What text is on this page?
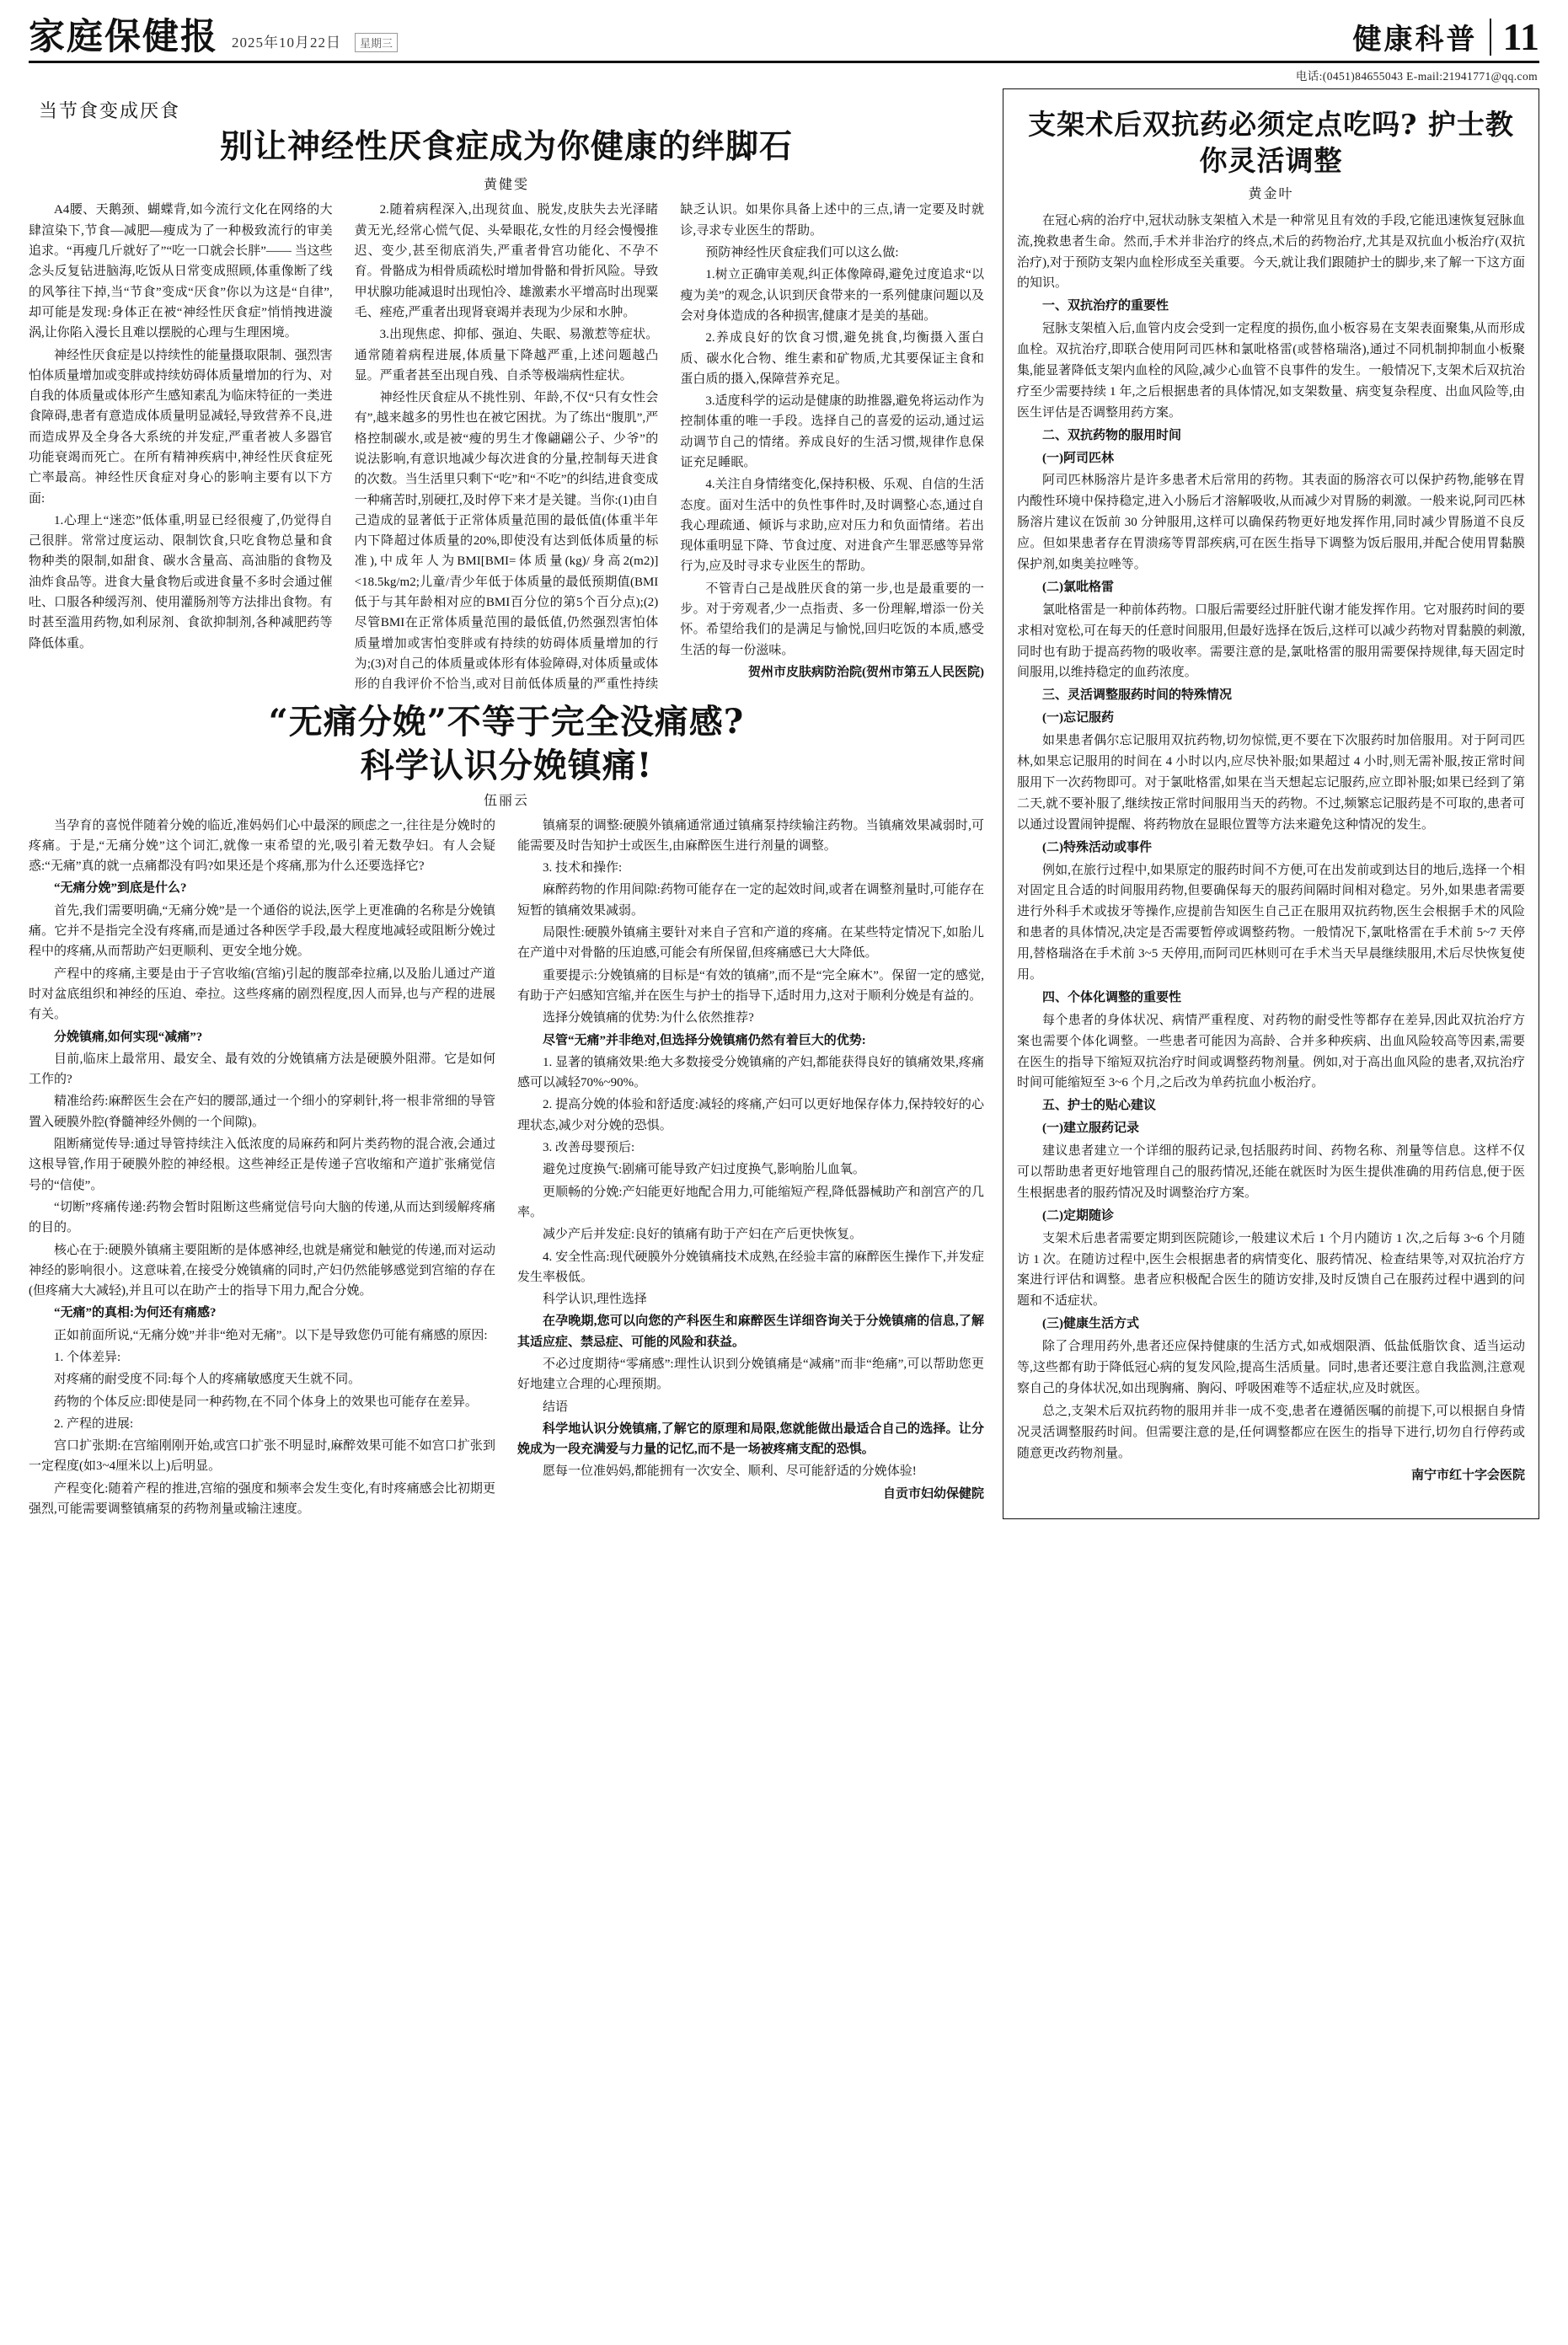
家庭保健报 2025年10月22日	星期三	健康科普 11
电话:(0451)84655043 E-mail:21941771@qq.com
当节食变成厌食
别让神经性厌食症成为你健康的绊脚石
黄健雯

A4腰、天鹅颈、蝴蝶背,如今流行文化在网络的大肆渲染下,节食—减肥—瘦成为了一种极致流行的审美追求。“再瘦几斤就好了”“吃一口就会长胖”—— 当这些念头反复钻进脑海,吃饭从日常变成照顾,体重像断了线的风筝往下掉,当“节食”变成“厌食”你以为这是“自律”,却可能是发现:身体正在被“神经性厌食症”悄悄拽进漩涡,让你陷入漫长且难以摆脱的心理与生理困境。

神经性厌食症是以持续性的能量摄取限制、强烈害怕体质量增加或变胖或持续妨碍体质量增加的行为、对自我的体质量或体形产生感知素乱为临床特征的一类进食障碍,患者有意造成体质量明显减轻,导致营养不良,进而造成界及全身各大系统的并发症,严重者被人多器官功能衰竭而死亡。在所有精神疾病中,神经性厌食症死亡率最高。神经性厌食症对身心的影响主要有以下方面:

1.心理上“迷恋”低体重,明显已经很瘦了,仍觉得自己很胖。常常过度运动、限制饮食,只吃食物总量和食物种类的限制,如甜食、碳水含量高、高油脂的食物及油炸食品等。进食大量食物后或进食量不多时会通过催吐、口服各种缓泻剂、使用灌肠剂等方法排出食物。有时甚至滥用药物,如利尿剂、食欲抑制剂,各种减肥药等降低体重。

2.随着病程深入,出现贫血、脱发,皮肤失去光泽睹黄无光,经常心慌气促、头晕眼花,女性的月经会慢慢推迟、变少,甚至彻底消失,严重者骨宫功能化、不孕不育。骨骼成为相骨质疏松时增加骨骼和骨折风险。导致甲状腺功能减退时出现怕冷、雄激素水平增高时出现粟毛、痤疮,严重者出现肾衰竭并表现为少尿和水肿。

3.出现焦虑、抑郁、强迫、失眠、易激惹等症状。通常随着病程进展,体质量下降越严重,上述问题越凸显。严重者甚至出现自残、自杀等极端病性症状。

神经性厌食症从不挑性别、年龄,不仅“只有女性会有”,越来越多的男性也在被它困扰。为了练出“腹肌”,严格控制碳水,或是被“瘦的男生才像翩翩公子、少爷”的说法影响,有意识地减少每次进食的分量,控制每天进食的次数。当生活里只剩下“吃”和“不吃”的纠结,进食变成一种痛苦时,别硬扛,及时停下来才是关键。当你:(1)由自己造成的显著低于正常体质量范围的最低值(体重半年内下降超过体质量的20%,即使没有达到低体质量的标准),中成年人为BMI[BMI=体质量(kg)/身高2(m2)]<18.5kg/m2;儿童/青少年低于体质量的最低预期值(BMI低于与其年龄相对应的BMI百分位的第5个百分点);(2)尽管BMI在正常体质量范围的最低值,仍然强烈害怕体质量增加或害怕变胖或有持续的妨碍体质量增加的行为;(3)对自己的体质量或体形有体验障碍,对体质量或体形的自我评价不恰当,或对目前低体质量的严重性持续缺乏认识。如果你具备上述中的三点,请一定要及时就诊,寻求专业医生的帮助。

预防神经性厌食症我们可以这么做:

1.树立正确审美观,纠正体像障碍,避免过度追求“以瘦为美”的观念,认识到厌食带来的一系列健康问题以及会对身体造成的各种损害,健康才是美的基础。

2.养成良好的饮食习惯,避免挑食,均衡摄入蛋白质、碳水化合物、维生素和矿物质,尤其要保证主食和蛋白质的摄入,保障营养充足。

3.适度科学的运动是健康的助推器,避免将运动作为控制体重的唯一手段。选择自己的喜爱的运动,通过运动调节自己的情绪。养成良好的生活习惯,规律作息保证充足睡眠。

4.关注自身情绪变化,保持积极、乐观、自信的生活态度。面对生活中的负性事件时,及时调整心态,通过自我心理疏通、倾诉与求助,应对压力和负面情绪。若出现体重明显下降、节食过度、对进食产生罪恶感等异常行为,应及时寻求专业医生的帮助。

不管青白己是战胜厌食的第一步,也是最重要的一步。对于旁观者,少一点指责、多一份理解,增添一份关怀。希望给我们的是满足与愉悦,回归吃饭的本质,感受生活的每一份滋味。

贺州市皮肤病防治院(贺州市第五人民医院)

“无痛分娩”不等于完全没痛感?
科学认识分娩镇痛!
伍丽云

当孕育的喜悦伴随着分娩的临近,准妈妈们心中最深的顾虑之一,往往是分娩时的疼痛。于是,“无痛分娩”这个词汇,就像一束希望的光,吸引着无数孕妇。有人会疑惑:“无痛”真的就一点痛都没有吗?如果还是个疼痛,那为什么还要选择它?

“无痛分娩”到底是什么?

首先,我们需要明确,“无痛分娩”是一个通俗的说法,医学上更准确的名称是分娩镇痛。它并不是指完全没有疼痛,而是通过各种医学手段,最大程度地减轻或阻断分娩过程中的疼痛,从而帮助产妇更顺利、更安全地分娩。

产程中的疼痛,主要是由于子宫收缩(宫缩)引起的腹部牵拉痛,以及胎儿通过产道时对盆底组织和神经的压迫、牵拉。这些疼痛的剧烈程度,因人而异,也与产程的进展有关。

分娩镇痛,如何实现“减痛”?

目前,临床上最常用、最安全、最有效的分娩镇痛方法是硬膜外阻滞。它是如何工作的?

精准给药:麻醉医生会在产妇的腰部,通过一个细小的穿刺针,将一根非常细的导管置入硬膜外腔(脊髓神经外侧的一个间隙)。

阻断痛觉传导:通过导管持续注入低浓度的局麻药和阿片类药物的混合液,会通过这根导管,作用于硬膜外腔的神经根。这些神经正是传递子宫收缩和产道扩张痛觉信号的“信使”。

“切断”疼痛传递:药物会暂时阻断这些痛觉信号向大脑的传递,从而达到缓解疼痛的目的。

核心在于:硬膜外镇痛主要阻断的是体感神经,也就是痛觉和触觉的传递,而对运动神经的影响很小。这意味着,在接受分娩镇痛的同时,产妇仍然能够感觉到宫缩的存在(但疼痛大大减轻),并且可以在助产士的指导下用力,配合分娩。

“无痛”的真相:为何还有痛感?

正如前面所说,“无痛分娩”并非“绝对无痛”。以下是导致您仍可能有痛感的原因:

1. 个体差异:

对疼痛的耐受度不同:每个人的疼痛敏感度天生就不同。

药物的个体反应:即使是同一种药物,在不同个体身上的效果也可能存在差异。

2. 产程的进展:

宫口扩张期:在宫缩刚刚开始,或宫口扩张不明显时,麻醉效果可能不如宫口扩张到一定程度(如3~4厘米以上)后明显。

产程变化:随着产程的推进,宫缩的强度和频率会发生变化,有时疼痛感会比初期更强烈,可能需要调整镇痛泵的药物剂量或输注速度。

镇痛泵的调整:硬膜外镇痛通常通过镇痛泵持续输注药物。当镇痛效果减弱时,可能需要及时告知护士或医生,由麻醉医生进行剂量的调整。

3. 技术和操作:

麻醉药物的作用间隙:药物可能存在一定的起效时间,或者在调整剂量时,可能存在短暂的镇痛效果减弱。

局限性:硬膜外镇痛主要针对来自子宫和产道的疼痛。在某些特定情况下,如胎儿在产道中对骨骼的压迫感,可能会有所保留,但疼痛感已大大降低。

重要提示:分娩镇痛的目标是“有效的镇痛”,而不是“完全麻木”。保留一定的感觉,有助于产妇感知宫缩,并在医生与护士的指导下,适时用力,这对于顺利分娩是有益的。

选择分娩镇痛的优势:为什么依然推荐?

尽管“无痛”并非绝对,但选择分娩镇痛仍然有着巨大的优势:

1. 显著的镇痛效果:绝大多数接受分娩镇痛的产妇,都能获得良好的镇痛效果,疼痛感可以减轻70%~90%。

2. 提高分娩的体验和舒适度:减轻的疼痛,产妇可以更好地保存体力,保持较好的心理状态,减少对分娩的恐惧。

3. 改善母婴预后:

避免过度换气:剧痛可能导致产妇过度换气,影响胎儿血氧。

更顺畅的分娩:产妇能更好地配合用力,可能缩短产程,降低器械助产和剖宫产的几率。

减少产后并发症:良好的镇痛有助于产妇在产后更快恢复。

4. 安全性高:现代硬膜外分娩镇痛技术成熟,在经验丰富的麻醉医生操作下,并发症发生率极低。

科学认识,理性选择

在孕晚期,您可以向您的产科医生和麻醉医生详细咨询关于分娩镇痛的信息,了解其适应症、禁忌症、可能的风险和获益。

不必过度期待“零痛感”:理性认识到分娩镇痛是“减痛”而非“绝痛”,可以帮助您更好地建立合理的心理预期。

结语

科学地认识分娩镇痛,了解它的原理和局限,您就能做出最适合自己的选择。让分娩成为一段充满爱与力量的记忆,而不是一场被疼痛支配的恐惧。

愿每一位准妈妈,都能拥有一次安全、顺利、尽可能舒适的分娩体验!

自贡市妇幼保健院

支架术后双抗药必须定点吃吗? 护士教你灵活调整
黄金叶

在冠心病的治疗中,冠状动脉支架植入术是一种常见且有效的手段,它能迅速恢复冠脉血流,挽救患者生命。然而,手术并非治疗的终点,术后的药物治疗,尤其是双抗血小板治疗(双抗治疗),对于预防支架内血栓形成至关重要。今天,就让我们跟随护士的脚步,来了解一下这方面的知识。

一、双抗治疗的重要性

冠脉支架植入后,血管内皮会受到一定程度的损伤,血小板容易在支架表面聚集,从而形成血栓。双抗治疗,即联合使用阿司匹林和氯吡格雷(或替格瑞洛),通过不同机制抑制血小板聚集,能显著降低支架内血栓的风险,减少心血管不良事件的发生。一般情况下,支架术后双抗治疗至少需要持续 1 年,之后根据患者的具体情况,如支架数量、病变复杂程度、出血风险等,由医生评估是否调整用药方案。

二、双抗药物的服用时间

(一)阿司匹林

阿司匹林肠溶片是许多患者术后常用的药物。其表面的肠溶衣可以保护药物,能够在胃内酸性环境中保持稳定,进入小肠后才溶解吸收,从而减少对胃肠的刺激。一般来说,阿司匹林肠溶片建议在饭前 30 分钟服用,这样可以确保药物更好地发挥作用,同时减少胃肠道不良反应。但如果患者存在胃溃疡等胃部疾病,可在医生指导下调整为饭后服用,并配合使用胃黏膜保护剂,如奥美拉唑等。

(二)氯吡格雷

氯吡格雷是一种前体药物。口服后需要经过肝脏代谢才能发挥作用。它对服药时间的要求相对宽松,可在每天的任意时间服用,但最好选择在饭后,这样可以减少药物对胃黏膜的刺激,同时也有助于提高药物的吸收率。需要注意的是,氯吡格雷的服用需要保持规律,每天固定时间服用,以维持稳定的血药浓度。

三、灵活调整服药时间的特殊情况

(一)忘记服药

如果患者偶尔忘记服用双抗药物,切勿惊慌,更不要在下次服药时加倍服用。对于阿司匹林,如果忘记服用的时间在 4 小时以内,应尽快补服;如果超过 4 小时,则无需补服,按正常时间服用下一次药物即可。对于氯吡格雷,如果在当天想起忘记服药,应立即补服;如果已经到了第二天,就不要补服了,继续按正常时间服用当天的药物。不过,频繁忘记服药是不可取的,患者可以通过设置闹钟提醒、将药物放在显眼位置等方法来避免这种情况的发生。

(二)特殊活动或事件

例如,在旅行过程中,如果原定的服药时间不方便,可在出发前或到达目的地后,选择一个相对固定且合适的时间服用药物,但要确保每天的服药间隔时间相对稳定。另外,如果患者需要进行外科手术或拔牙等操作,应提前告知医生自己正在服用双抗药物,医生会根据手术的风险和患者的具体情况,决定是否需要暂停或调整药物。一般情况下,氯吡格雷在手术前 5~7 天停用,替格瑞洛在手术前 3~5 天停用,而阿司匹林则可在手术当天早晨继续服用,术后尽快恢复使用。

四、个体化调整的重要性

每个患者的身体状况、病情严重程度、对药物的耐受性等都存在差异,因此双抗治疗方案也需要个体化调整。一些患者可能因为高龄、合并多种疾病、出血风险较高等因素,需要在医生的指导下缩短双抗治疗时间或调整药物剂量。例如,对于高出血风险的患者,双抗治疗时间可能缩短至 3~6 个月,之后改为单药抗血小板治疗。

五、护士的贴心建议

(一)建立服药记录

建议患者建立一个详细的服药记录,包括服药时间、药物名称、剂量等信息。这样不仅可以帮助患者更好地管理自己的服药情况,还能在就医时为医生提供准确的用药信息,便于医生根据患者的服药情况及时调整治疗方案。

(二)定期随诊

支架术后患者需要定期到医院随诊,一般建议术后 1 个月内随访 1 次,之后每 3~6 个月随访 1 次。在随访过程中,医生会根据患者的病情变化、服药情况、检查结果等,对双抗治疗方案进行评估和调整。患者应积极配合医生的随访安排,及时反馈自己在服药过程中遇到的问题和不适症状。

(三)健康生活方式

除了合理用药外,患者还应保持健康的生活方式,如戒烟限酒、低盐低脂饮食、适当运动等,这些都有助于降低冠心病的复发风险,提高生活质量。同时,患者还要注意自我监测,注意观察自己的身体状况,如出现胸痛、胸闷、呼吸困难等不适症状,应及时就医。

总之,支架术后双抗药物的服用并非一成不变,患者在遵循医嘱的前提下,可以根据自身情况灵活调整服药时间。但需要注意的是,任何调整都应在医生的指导下进行,切勿自行停药或随意更改药物剂量。

南宁市红十字会医院
